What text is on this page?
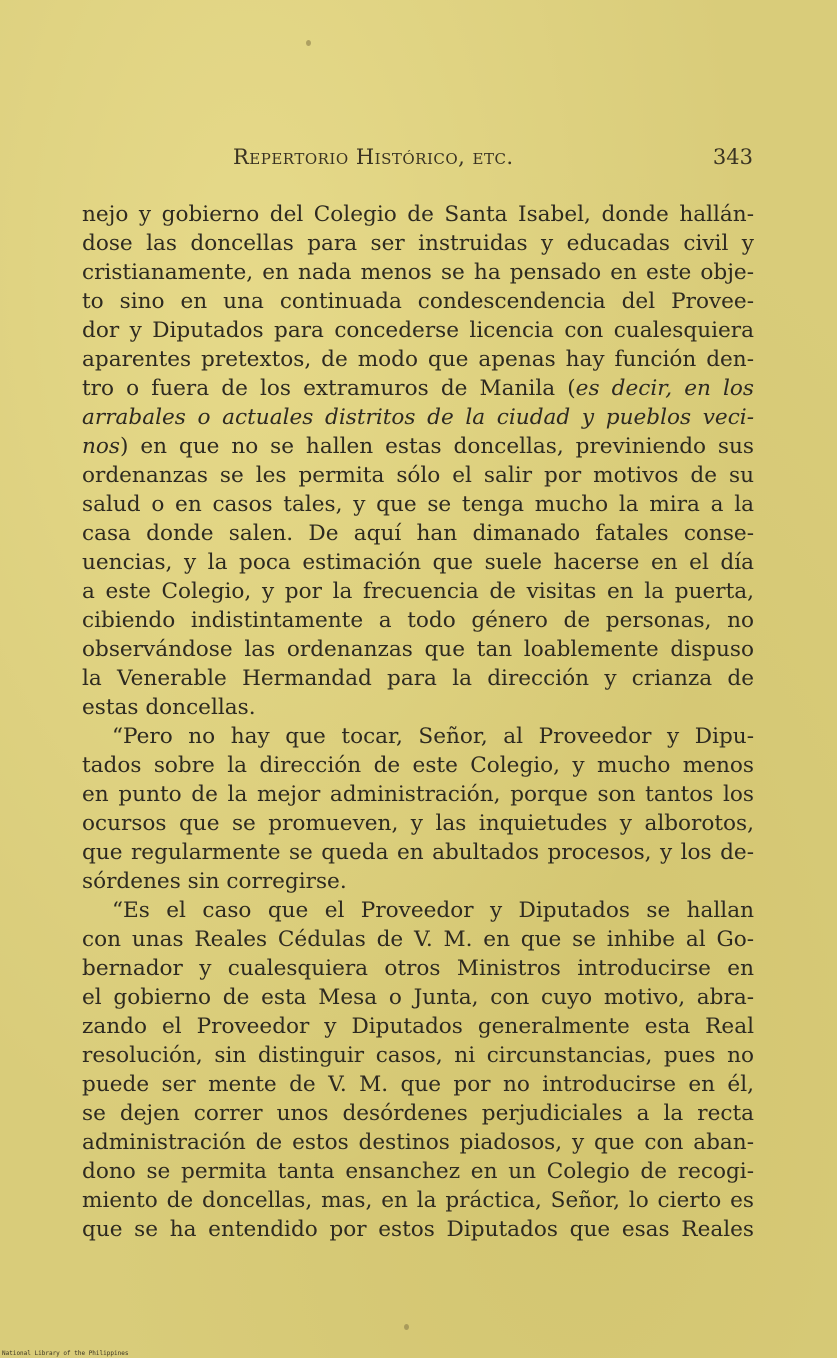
Repertorio Histórico, etc.	343
nejo y gobierno del Colegio de Santa Isabel, donde hallán-
dose las doncellas para ser instruidas y educadas civil y
cristianamente, en nada menos se ha pensado en este obje-
to sino en una continuada condescendencia del Provee-
dor y Diputados para concederse licencia con cualesquiera
aparentes pretextos, de modo que apenas hay función den-
tro o fuera de los extramuros de Manila (es decir, en los
arrabales o actuales distritos de la ciudad y pueblos veci-
nos) en que no se hallen estas doncellas, previniendo sus
ordenanzas se les permita sólo el salir por motivos de su
salud o en casos tales, y que se tenga mucho la mira a la
casa donde salen. De aquí han dimanado fatales conse-
uencias, y la poca estimación que suele hacerse en el día
a este Colegio, y por la frecuencia de visitas en la puerta,
cibiendo indistintamente a todo género de personas, no
observándose las ordenanzas que tan loablemente dispuso
la Venerable Hermandad para la dirección y crianza de
estas doncellas.
“Pero no hay que tocar, Señor, al Proveedor y Dipu-
tados sobre la dirección de este Colegio, y mucho menos
en punto de la mejor administración, porque son tantos los
ocursos que se promueven, y las inquietudes y alborotos,
que regularmente se queda en abultados procesos, y los de-
sórdenes sin corregirse.
“Es el caso que el Proveedor y Diputados se hallan
con unas Reales Cédulas de V. M. en que se inhibe al Go-
bernador y cualesquiera otros Ministros introducirse en
el gobierno de esta Mesa o Junta, con cuyo motivo, abra-
zando el Proveedor y Diputados generalmente esta Real
resolución, sin distinguir casos, ni circunstancias, pues no
puede ser mente de V. M. que por no introducirse en él,
se dejen correr unos desórdenes perjudiciales a la recta
administración de estos destinos piadosos, y que con aban-
dono se permita tanta ensanchez en un Colegio de recogi-
miento de doncellas, mas, en la práctica, Señor, lo cierto es
que se ha entendido por estos Diputados que esas Reales
National Library of the Philippines
